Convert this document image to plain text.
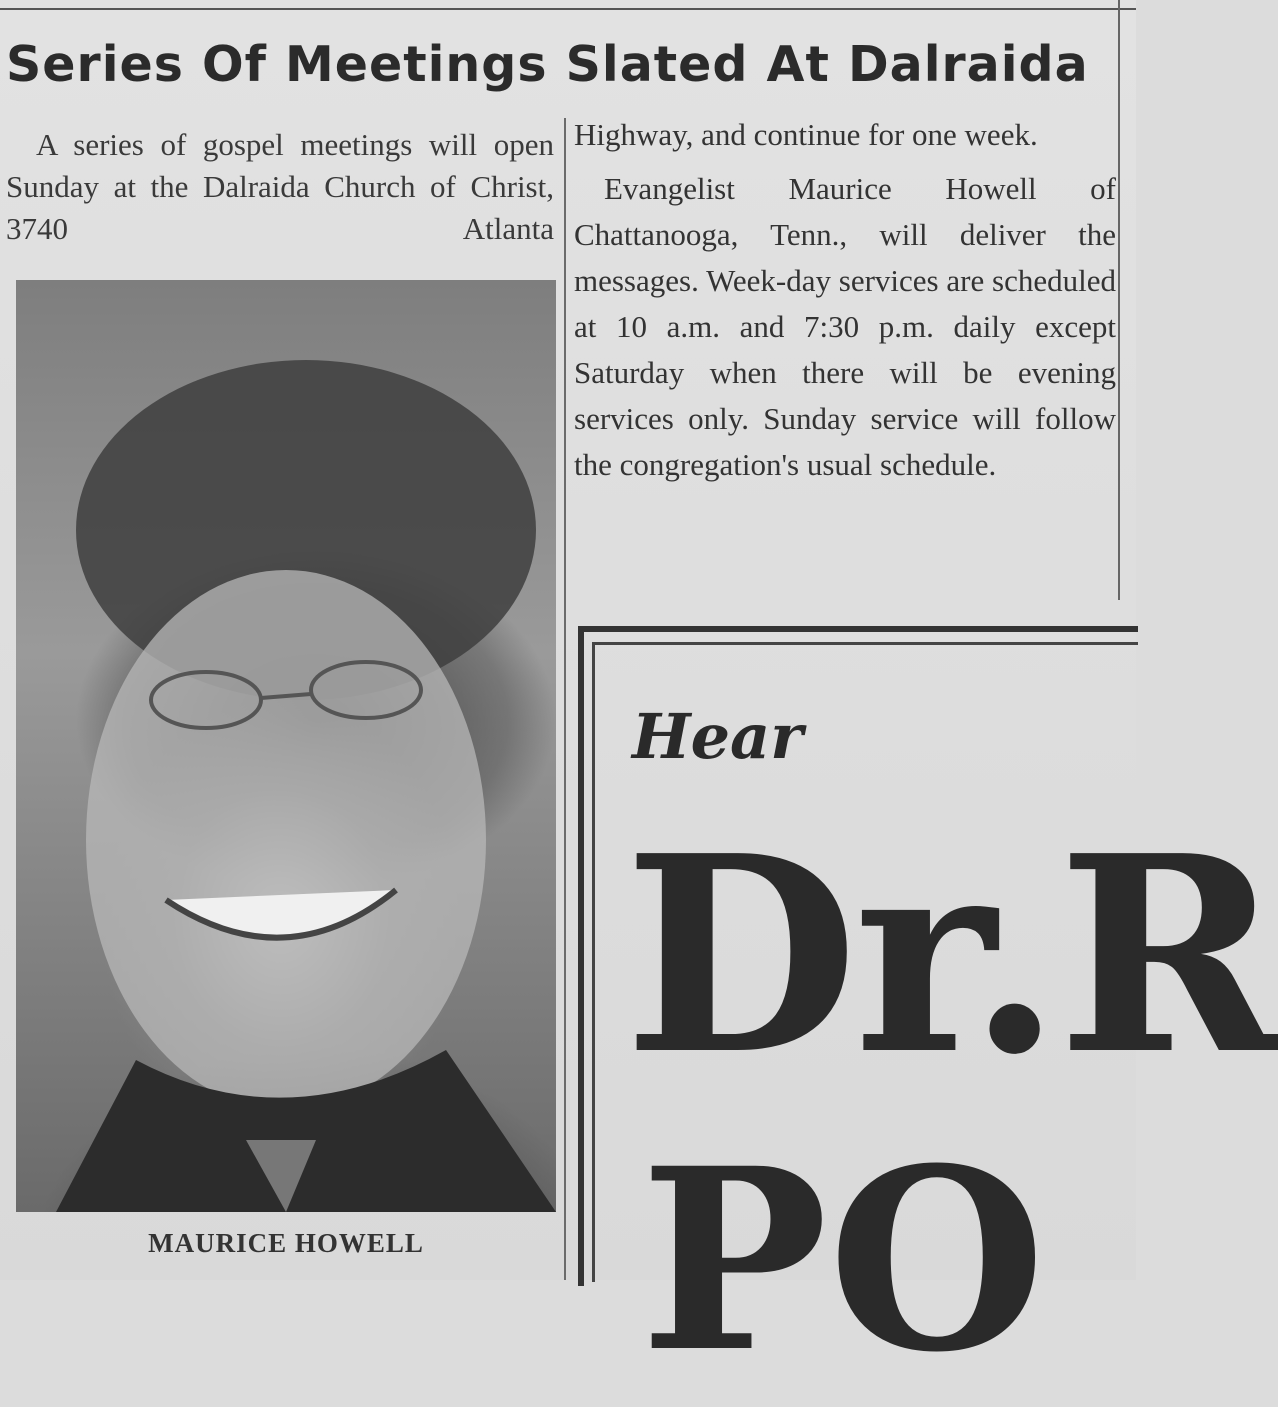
Series Of Meetings Slated At Dalraida

A series of gospel meetings will open Sunday at the Dalraida Church of Christ, 3740 Atlanta

MAURICE HOWELL

Highway, and continue for one week.

Evangelist Maurice Howell of Chattanooga, Tenn., will deliver the messages. Week-day services are scheduled at 10 a.m. and 7:30 p.m. daily except Saturday when there will be evening services only. Sunday service will follow the congregation's usual schedule.

Hear
Dr.R
PO
